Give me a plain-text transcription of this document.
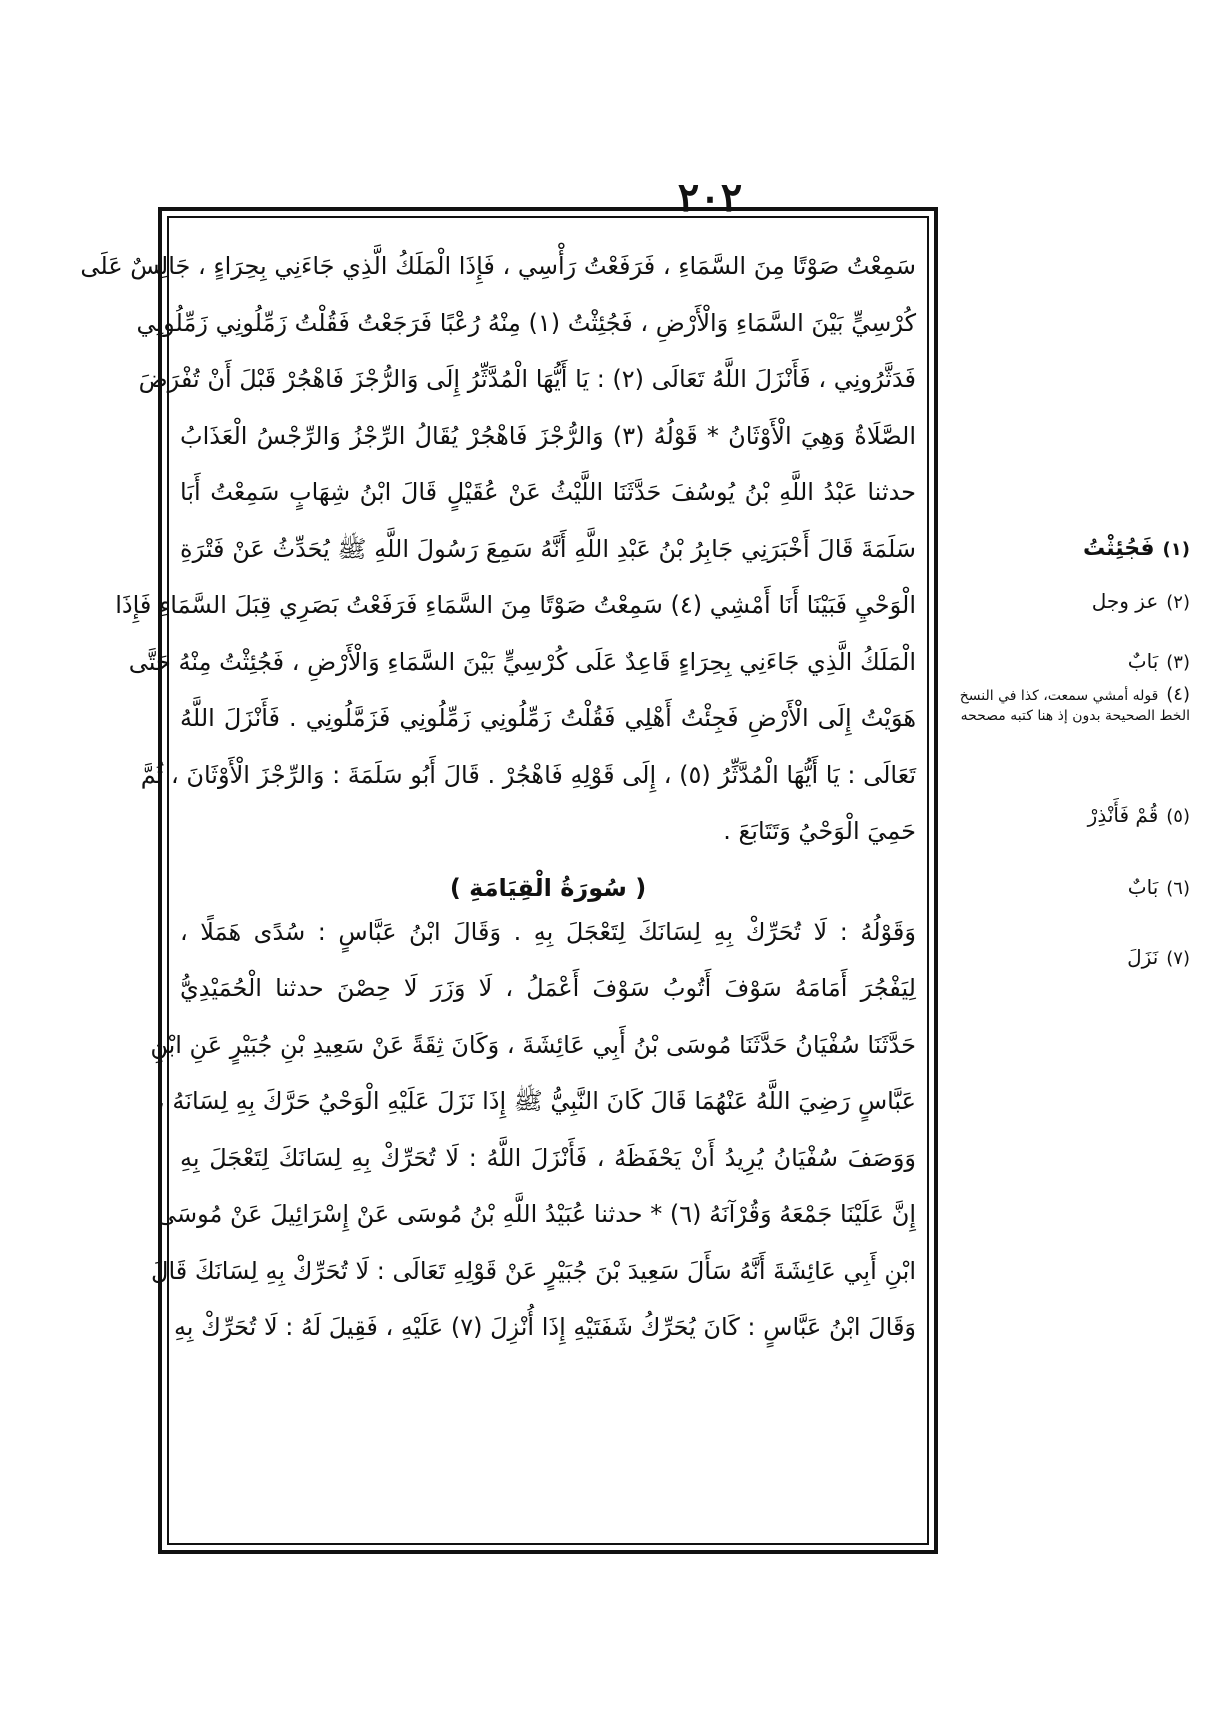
٢٠٢
سَمِعْتُ صَوْتًا مِنَ السَّمَاءِ ، فَرَفَعْتُ رَأْسِي ، فَإِذَا الْمَلَكُ الَّذِي جَاءَنِي بِحِرَاءٍ ، جَالِسٌ عَلَى
كُرْسِيٍّ بَيْنَ السَّمَاءِ وَالْأَرْضِ ، فَجُئِثْتُ (١) مِنْهُ رُعْبًا فَرَجَعْتُ فَقُلْتُ زَمِّلُونِي زَمِّلُونِي
فَدَثَّرُونِي ، فَأَنْزَلَ اللَّهُ تَعَالَى (٢) : يَا أَيُّهَا الْمُدَّثِّرُ إِلَى وَالرُّجْزَ فَاهْجُرْ قَبْلَ أَنْ تُفْرَضَ
الصَّلَاةُ وَهِيَ الْأَوْثَانُ * قَوْلُهُ (٣) وَالرُّجْزَ فَاهْجُرْ يُقَالُ الرِّجْزُ وَالرِّجْسُ الْعَذَابُ
حدثنا عَبْدُ اللَّهِ بْنُ يُوسُفَ حَدَّثَنَا اللَّيْثُ عَنْ عُقَيْلٍ قَالَ ابْنُ شِهَابٍ سَمِعْتُ أَبَا
سَلَمَةَ قَالَ أَخْبَرَنِي جَابِرُ بْنُ عَبْدِ اللَّهِ أَنَّهُ سَمِعَ رَسُولَ اللَّهِ ﷺ يُحَدِّثُ عَنْ فَتْرَةِ
الْوَحْيِ فَبَيْنَا أَنَا أَمْشِي (٤) سَمِعْتُ صَوْتًا مِنَ السَّمَاءِ فَرَفَعْتُ بَصَرِي قِبَلَ السَّمَاءِ فَإِذَا
الْمَلَكُ الَّذِي جَاءَنِي بِحِرَاءٍ قَاعِدٌ عَلَى كُرْسِيٍّ بَيْنَ السَّمَاءِ وَالْأَرْضِ ، فَجُئِثْتُ مِنْهُ حَتَّى
هَوَيْتُ إِلَى الْأَرْضِ فَجِئْتُ أَهْلِي فَقُلْتُ زَمِّلُونِي زَمِّلُونِي فَزَمَّلُونِي . فَأَنْزَلَ اللَّهُ
تَعَالَى : يَا أَيُّهَا الْمُدَّثِّرُ (٥) ، إِلَى قَوْلِهِ فَاهْجُرْ . قَالَ أَبُو سَلَمَةَ : وَالرِّجْزَ الْأَوْثَانَ ، ثُمَّ
حَمِيَ الْوَحْيُ وَتَتَابَعَ .
( سُورَةُ الْقِيَامَةِ )
وَقَوْلُهُ : لَا تُحَرِّكْ بِهِ لِسَانَكَ لِتَعْجَلَ بِهِ . وَقَالَ ابْنُ عَبَّاسٍ : سُدًى هَمَلًا ،
لِيَفْجُرَ أَمَامَهُ سَوْفَ أَتُوبُ سَوْفَ أَعْمَلُ ، لَا وَزَرَ لَا حِصْنَ حدثنا الْحُمَيْدِيُّ
حَدَّثَنَا سُفْيَانُ حَدَّثَنَا مُوسَى بْنُ أَبِي عَائِشَةَ ، وَكَانَ ثِقَةً عَنْ سَعِيدِ بْنِ جُبَيْرٍ عَنِ ابْنِ
عَبَّاسٍ رَضِيَ اللَّهُ عَنْهُمَا قَالَ كَانَ النَّبِيُّ ﷺ إِذَا نَزَلَ عَلَيْهِ الْوَحْيُ حَرَّكَ بِهِ لِسَانَهُ ،
وَوَصَفَ سُفْيَانُ يُرِيدُ أَنْ يَحْفَظَهُ ، فَأَنْزَلَ اللَّهُ : لَا تُحَرِّكْ بِهِ لِسَانَكَ لِتَعْجَلَ بِهِ
إِنَّ عَلَيْنَا جَمْعَهُ وَقُرْآنَهُ (٦) * حدثنا عُبَيْدُ اللَّهِ بْنُ مُوسَى عَنْ إِسْرَائِيلَ عَنْ مُوسَى
ابْنِ أَبِي عَائِشَةَ أَنَّهُ سَأَلَ سَعِيدَ بْنَ جُبَيْرٍ عَنْ قَوْلِهِ تَعَالَى : لَا تُحَرِّكْ بِهِ لِسَانَكَ قَالَ
وَقَالَ ابْنُ عَبَّاسٍ : كَانَ يُحَرِّكُ شَفَتَيْهِ إِذَا أُنْزِلَ (٧) عَلَيْهِ ، فَقِيلَ لَهُ : لَا تُحَرِّكْ بِهِ
(١)فَجُئِثْتُ
(٢)عز وجل
(٣)بَابٌ
(٤)قوله أمشي سمعت، كذا في النسخ الخط الصحيحة بدون إذ هنا كتبه مصححه
(٥)قُمْ فَأَنْذِرْ
(٦)بَابٌ
(٧)نَزَلَ
